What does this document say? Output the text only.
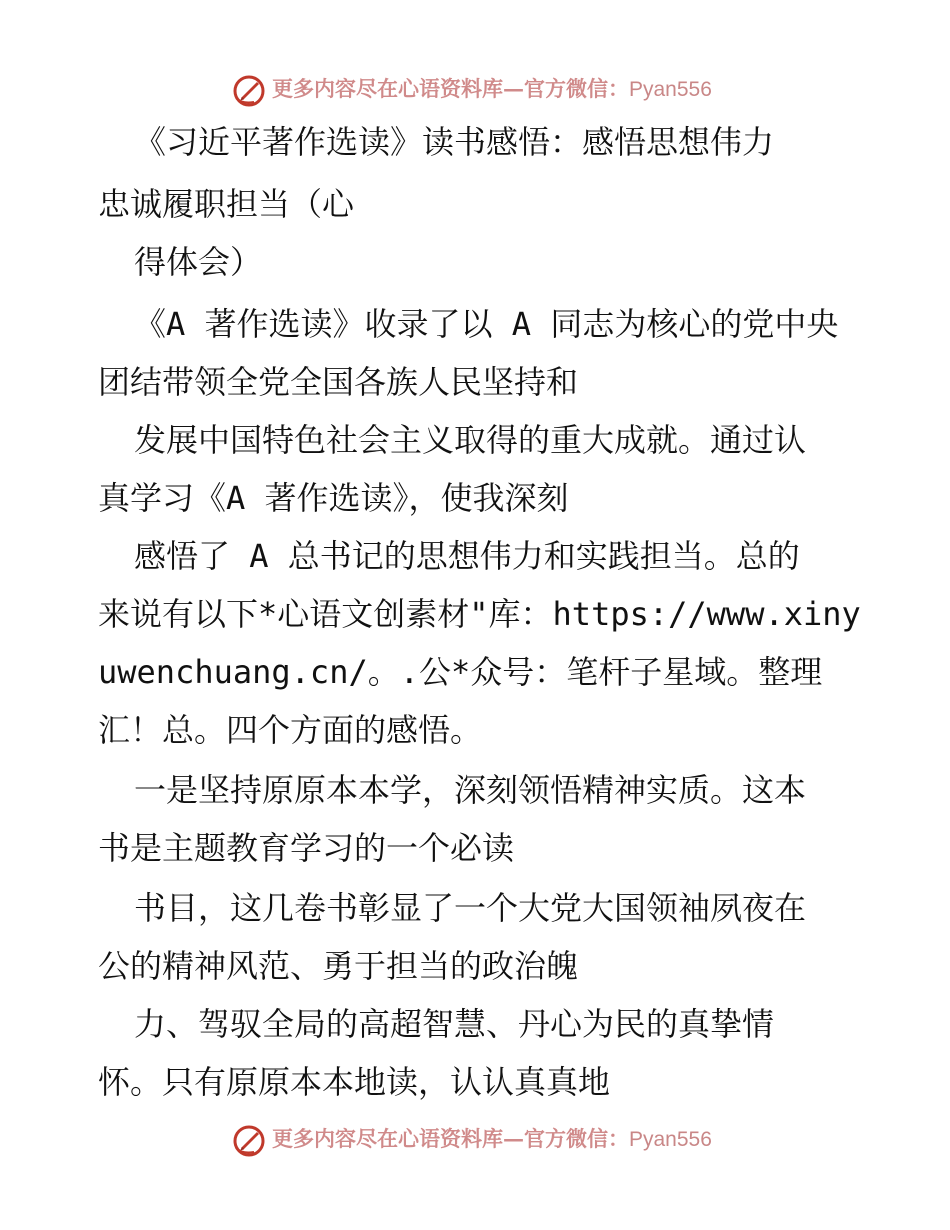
更多内容尽在心语资料库—官方微信：Pyan556
《习近平著作选读》读书感悟：感悟思想伟力
忠诚履职担当（心
得体会）
《A 著作选读》收录了以 A 同志为核心的党中央
团结带领全党全国各族人民坚持和
发展中国特色社会主义取得的重大成就。通过认
真学习《A 著作选读》，使我深刻
感悟了 A 总书记的思想伟力和实践担当。总的
来说有以下*心语文创素材"库：https://www.xiny
uwenchuang.cn/。.公*众号：笔杆子星域。整理
汇！总。四个方面的感悟。
一是坚持原原本本学，深刻领悟精神实质。这本
书是主题教育学习的一个必读
书目，这几卷书彰显了一个大党大国领袖夙夜在
公的精神风范、勇于担当的政治魄
力、驾驭全局的高超智慧、丹心为民的真挚情
怀。只有原原本本地读，认认真真地
更多内容尽在心语资料库—官方微信：Pyan556
